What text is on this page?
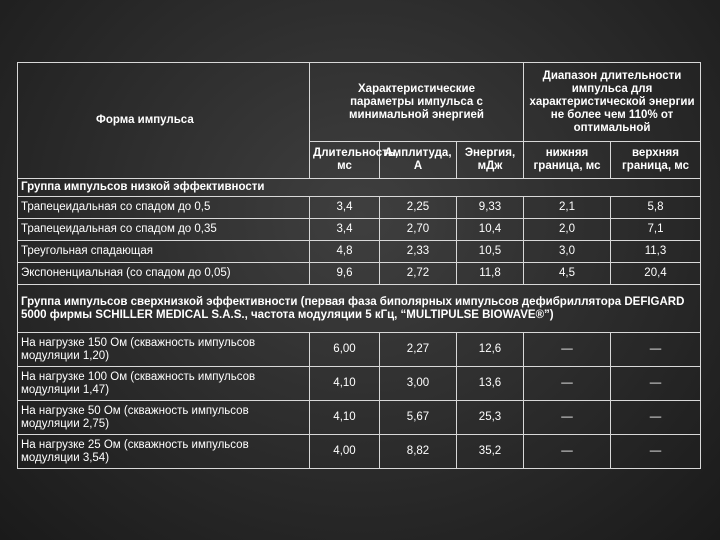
Форма импульса	Характеристические параметры импульса с минимальной энергией			Диапазон длительности импульса для характеристической энергии не более чем 110% от оптимальной	
	Длительность, мс	Амплитуда, А	Энергия, мДж	нижняя граница, мс	верхняя граница, мс
Группа импульсов низкой эффективности					
Трапецеидальная со спадом до 0,5	3,4	2,25	9,33	2,1	5,8
Трапецеидальная со спадом до 0,35	3,4	2,70	10,4	2,0	7,1
Треугольная спадающая	4,8	2,33	10,5	3,0	11,3
Экспоненциальная (со спадом до 0,05)	9,6	2,72	11,8	4,5	20,4
Группа импульсов сверхнизкой эффективности (первая фаза биполярных импульсов дефибриллятора DEFIGARD 5000 фирмы SCHILLER MEDICAL S.A.S., частота модуляции 5 кГц, “MULTIPULSE BIOWAVE®”)					
На нагрузке 150 Ом (скважность импульсов модуляции 1,20)	6,00	2,27	12,6	—	—
На нагрузке 100 Ом (скважность импульсов модуляции 1,47)	4,10	3,00	13,6	—	—
На нагрузке 50 Ом (скважность импульсов модуляции 2,75)	4,10	5,67	25,3	—	—
На нагрузке 25 Ом (скважность импульсов модуляции 3,54)	4,00	8,82	35,2	—	—
